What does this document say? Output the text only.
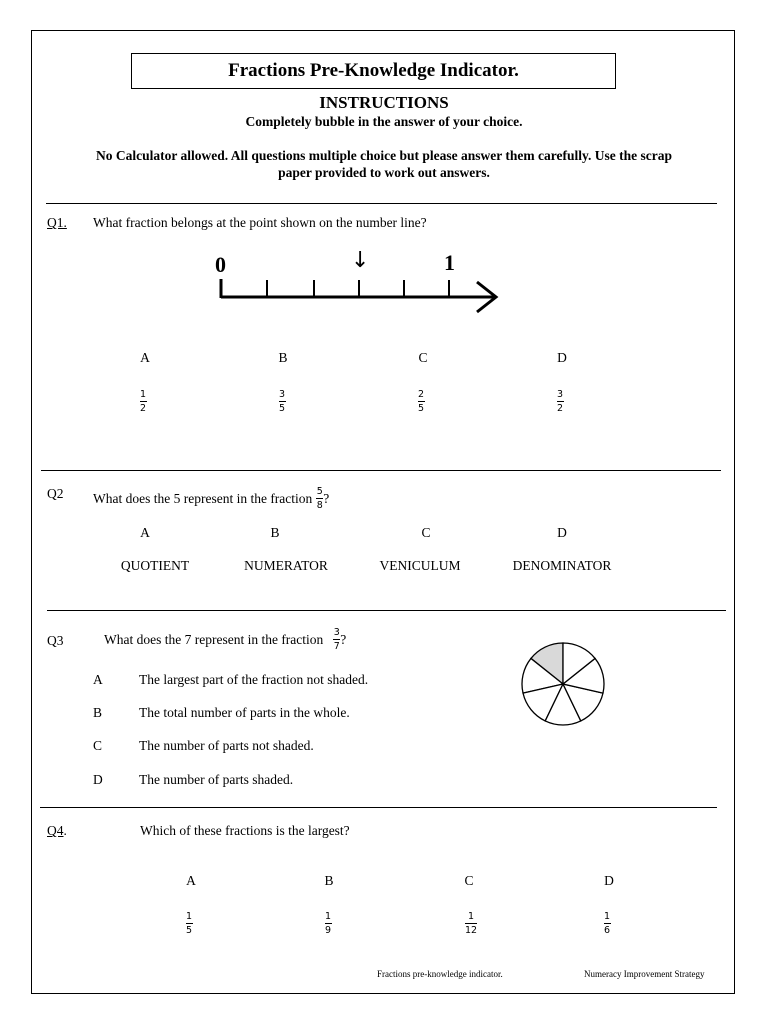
Fractions Pre-Knowledge Indicator.
INSTRUCTIONS
Completely bubble in the answer of your choice.
No Calculator allowed. All questions multiple choice but please answer them carefully. Use the scrap
paper provided to work out answers.
Q1. What fraction belongs at the point shown on the number line?
0	1
↓
A	B	C	D
$\frac{1}{2}$	$\frac{3}{5}$	$\frac{2}{5}$	$\frac{3}{2}$
Q2 What does the 5 represent in the fraction $\frac{5}{8}$ ?
A	B	C	D
QUOTIENT	NUMERATOR	VENICULUM	DENOMINATOR
Q3	What does the 7 represent in the fraction $\frac{3}{7}$ ?
A	The largest part of the fraction not shaded.
B	The total number of parts in the whole.
C	The number of parts not shaded.
D	The number of parts shaded.
Q4.	Which of these fractions is the largest?
A	B	C	D
$\frac{1}{5}$	$\frac{1}{9}$	$\frac{1}{12}$	$\frac{1}{6}$
Fractions pre-knowledge indicator.	Numeracy Improvement Strategy
